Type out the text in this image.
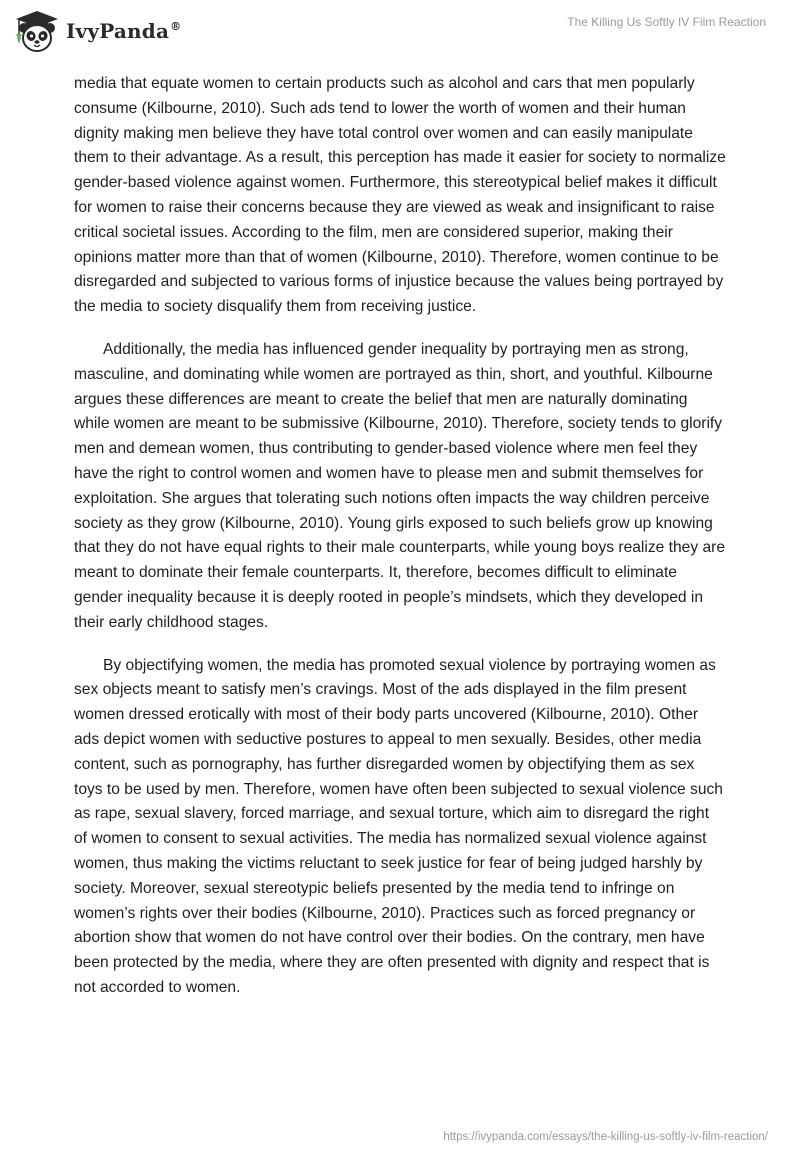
IvyPanda®	The Killing Us Softly IV Film Reaction

media that equate women to certain products such as alcohol and cars that men popularly consume (Kilbourne, 2010). Such ads tend to lower the worth of women and their human dignity making men believe they have total control over women and can easily manipulate them to their advantage. As a result, this perception has made it easier for society to normalize gender-based violence against women. Furthermore, this stereotypical belief makes it difficult for women to raise their concerns because they are viewed as weak and insignificant to raise critical societal issues. According to the film, men are considered superior, making their opinions matter more than that of women (Kilbourne, 2010). Therefore, women continue to be disregarded and subjected to various forms of injustice because the values being portrayed by the media to society disqualify them from receiving justice.

Additionally, the media has influenced gender inequality by portraying men as strong, masculine, and dominating while women are portrayed as thin, short, and youthful. Kilbourne argues these differences are meant to create the belief that men are naturally dominating while women are meant to be submissive (Kilbourne, 2010). Therefore, society tends to glorify men and demean women, thus contributing to gender-based violence where men feel they have the right to control women and women have to please men and submit themselves for exploitation. She argues that tolerating such notions often impacts the way children perceive society as they grow (Kilbourne, 2010). Young girls exposed to such beliefs grow up knowing that they do not have equal rights to their male counterparts, while young boys realize they are meant to dominate their female counterparts. It, therefore, becomes difficult to eliminate gender inequality because it is deeply rooted in people’s mindsets, which they developed in their early childhood stages.

By objectifying women, the media has promoted sexual violence by portraying women as sex objects meant to satisfy men’s cravings. Most of the ads displayed in the film present women dressed erotically with most of their body parts uncovered (Kilbourne, 2010). Other ads depict women with seductive postures to appeal to men sexually. Besides, other media content, such as pornography, has further disregarded women by objectifying them as sex toys to be used by men. Therefore, women have often been subjected to sexual violence such as rape, sexual slavery, forced marriage, and sexual torture, which aim to disregard the right of women to consent to sexual activities. The media has normalized sexual violence against women, thus making the victims reluctant to seek justice for fear of being judged harshly by society. Moreover, sexual stereotypic beliefs presented by the media tend to infringe on women’s rights over their bodies (Kilbourne, 2010). Practices such as forced pregnancy or abortion show that women do not have control over their bodies. On the contrary, men have been protected by the media, where they are often presented with dignity and respect that is not accorded to women.

https://ivypanda.com/essays/the-killing-us-softly-iv-film-reaction/
